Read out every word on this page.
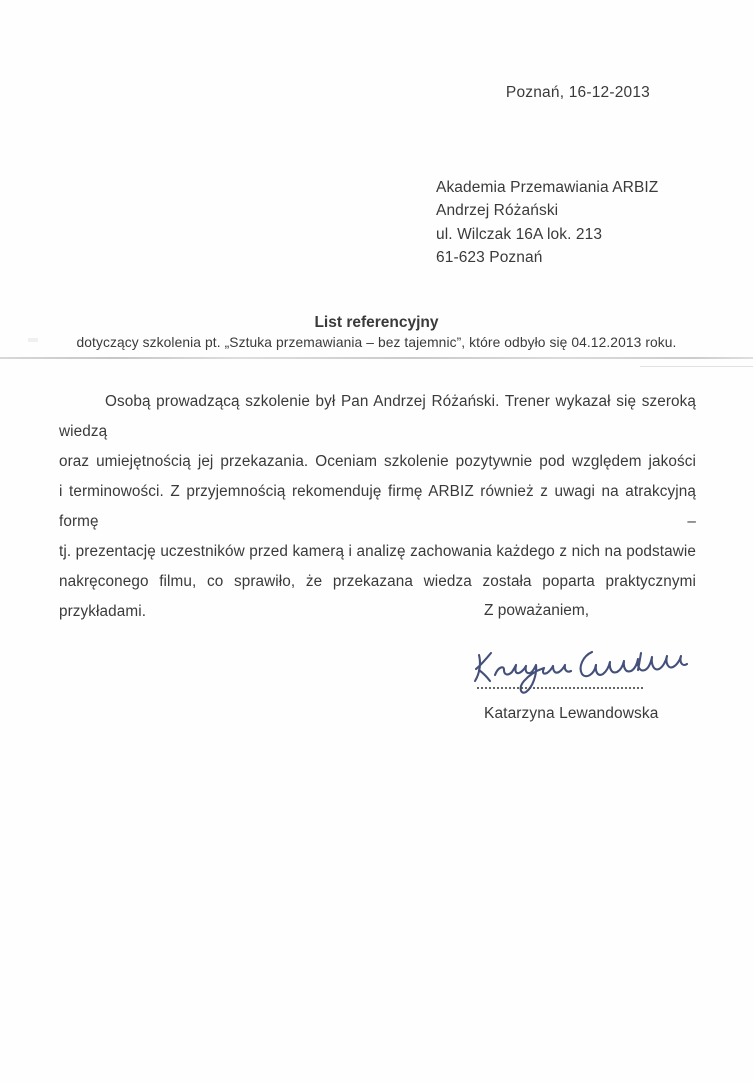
Poznań, 16-12-2013
Akademia Przemawiania ARBIZ
Andrzej Różański
ul. Wilczak 16A lok. 213
61-623 Poznań
List referencyjny
dotyczący szkolenia pt. „Sztuka przemawiania – bez tajemnic”, które odbyło się 04.12.2013 roku.
Osobą prowadzącą szkolenie był Pan Andrzej Różański. Trener wykazał się szeroką wiedzą
oraz umiejętnością jej przekazania. Oceniam szkolenie pozytywnie pod względem jakości
i terminowości. Z przyjemnością rekomenduję firmę ARBIZ również z uwagi na atrakcyjną formę –
tj. prezentację uczestników przed kamerą i analizę zachowania każdego z nich na podstawie
nakręconego filmu, co sprawiło, że przekazana wiedza została poparta praktycznymi przykładami.	Z poważaniem,
Katarzyna Lewandowska
